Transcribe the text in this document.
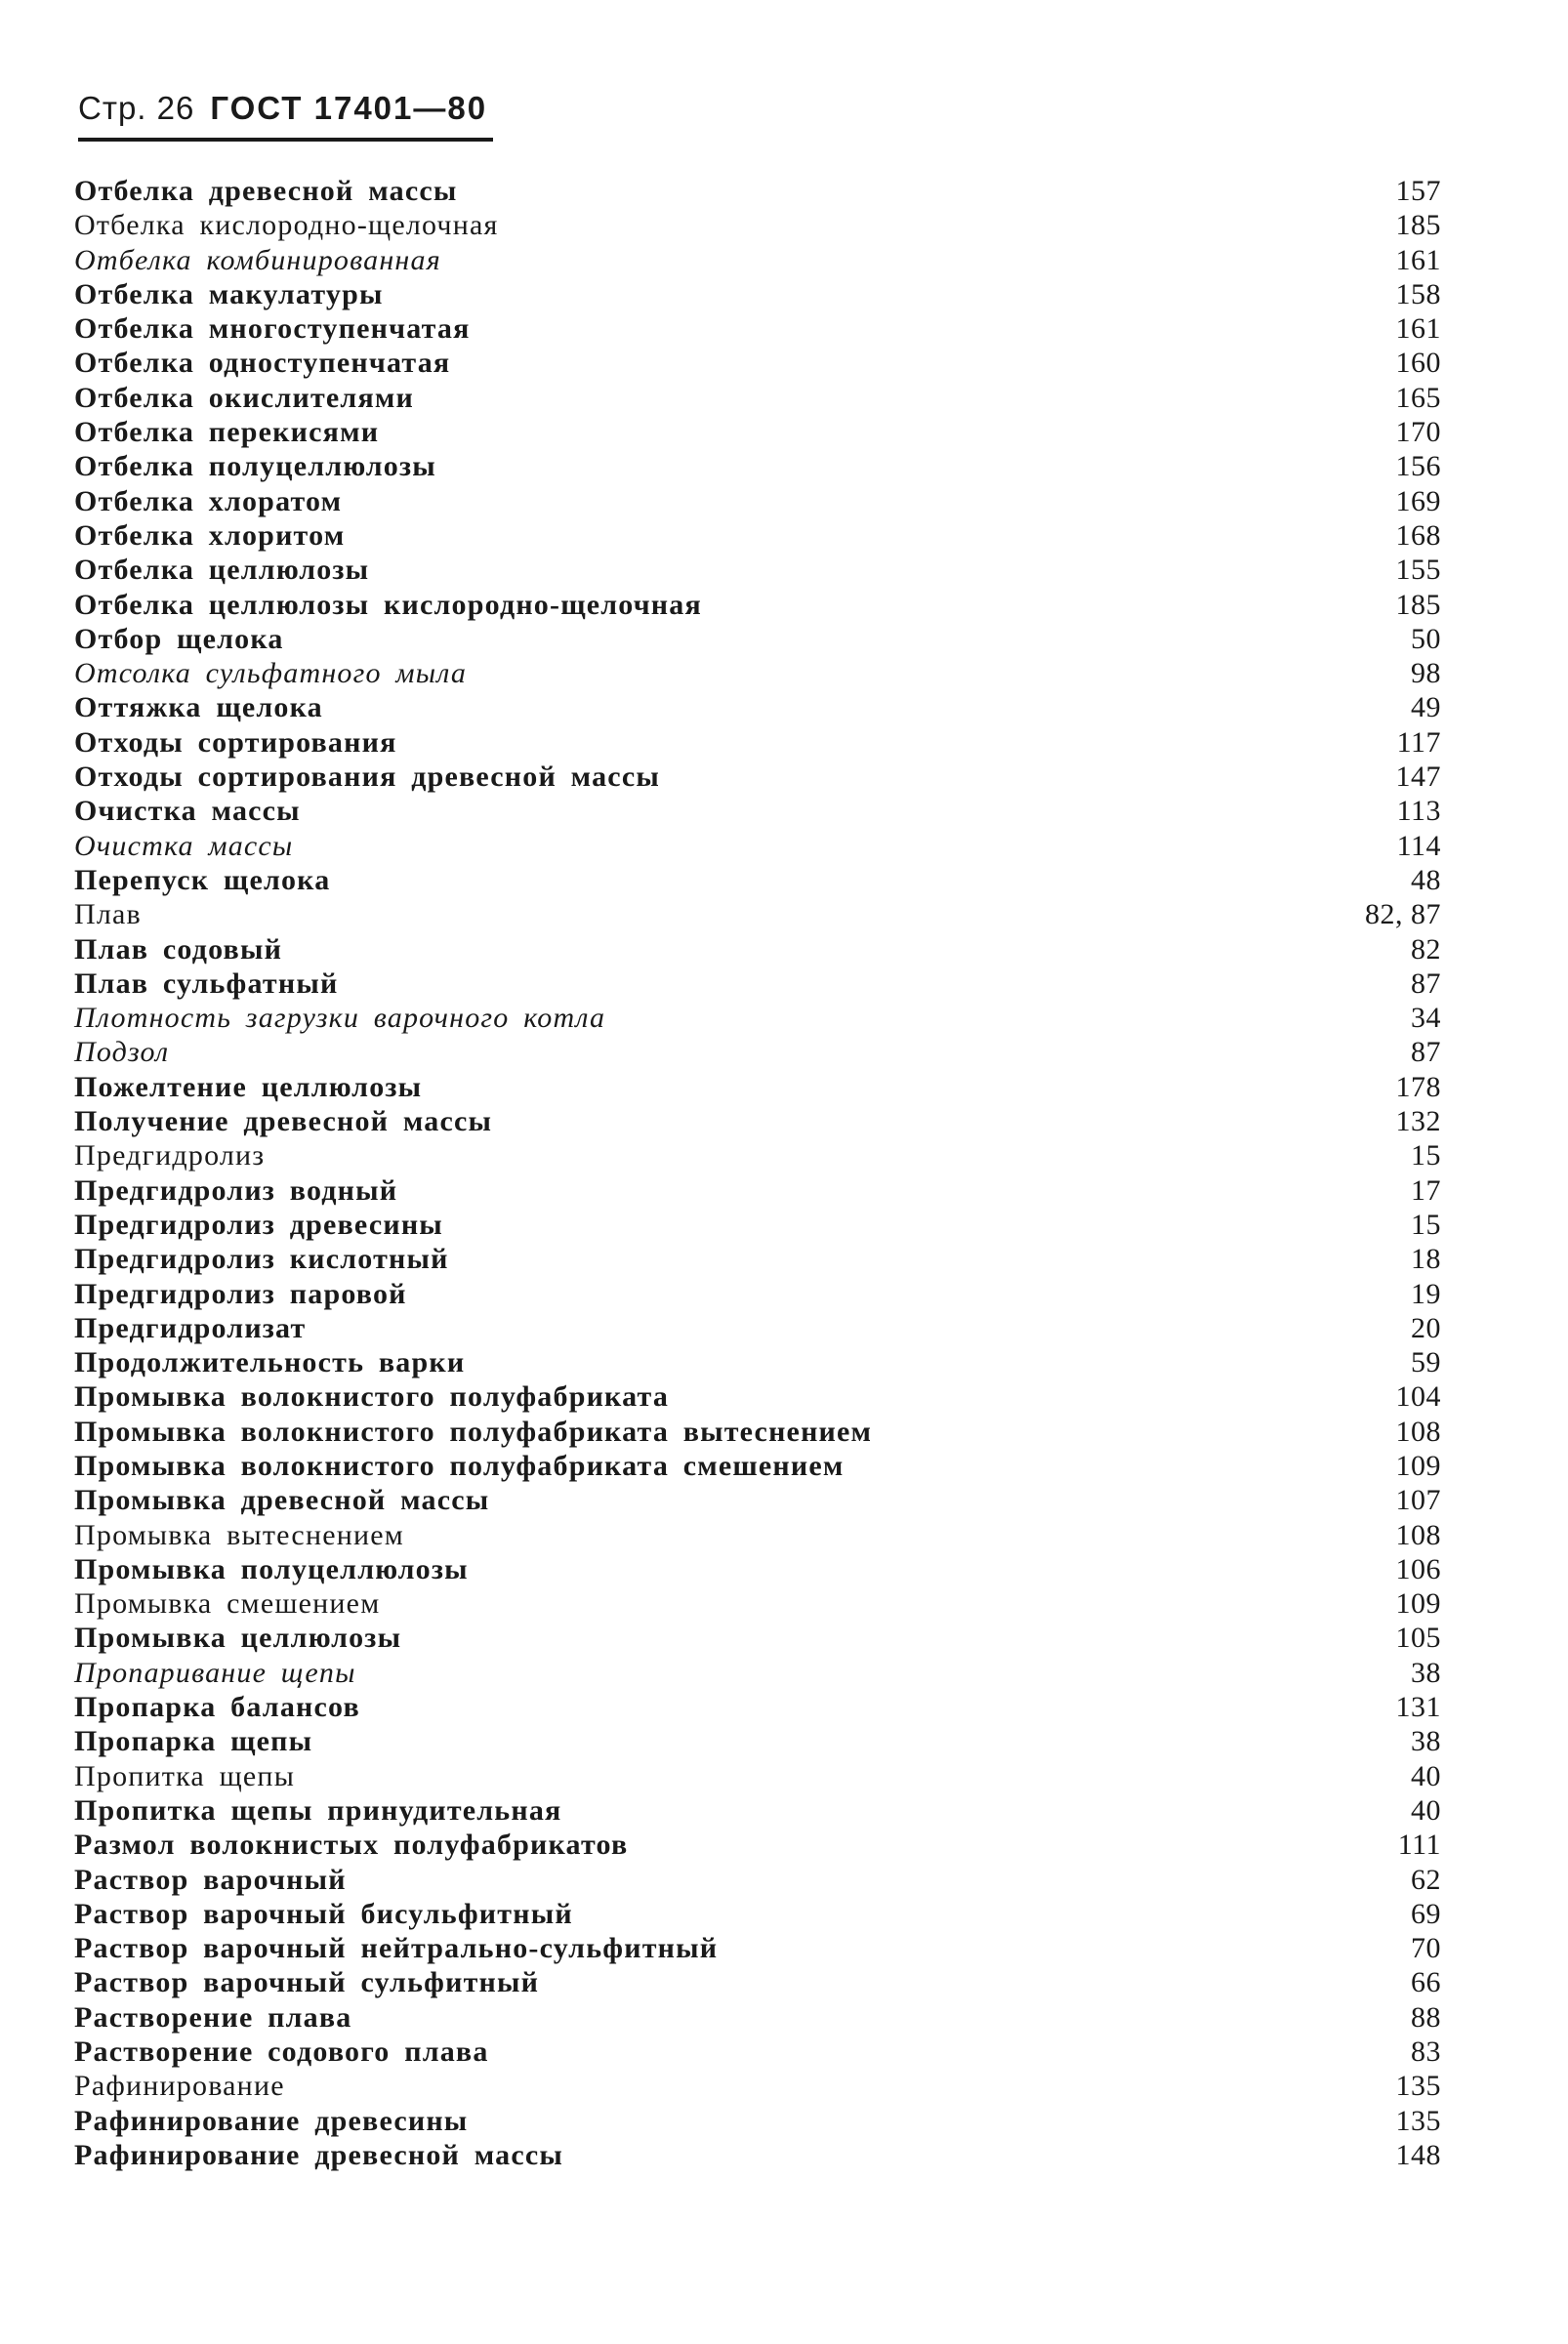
Стр. 26 ГОСТ 17401—80
Отбелка древесной массы	157
Отбелка кислородно-щелочная	185
Отбелка комбинированная	161
Отбелка макулатуры	158
Отбелка многоступенчатая	161
Отбелка одноступенчатая	160
Отбелка окислителями	165
Отбелка перекисями	170
Отбелка полуцеллюлозы	156
Отбелка хлоратом	169
Отбелка хлоритом	168
Отбелка целлюлозы	155
Отбелка целлюлозы кислородно-щелочная	185
Отбор щелока	50
Отсолка сульфатного мыла	98
Оттяжка щелока	49
Отходы сортирования	117
Отходы сортирования древесной массы	147
Очистка массы	113
Очистка массы	114
Перепуск щелока	48
Плав	82, 87
Плав содовый	82
Плав сульфатный	87
Плотность загрузки варочного котла	34
Подзол	87
Пожелтение целлюлозы	178
Получение древесной массы	132
Предгидролиз	15
Предгидролиз водный	17
Предгидролиз древесины	15
Предгидролиз кислотный	18
Предгидролиз паровой	19
Предгидролизат	20
Продолжительность варки	59
Промывка волокнистого полуфабриката	104
Промывка волокнистого полуфабриката вытеснением	108
Промывка волокнистого полуфабриката смешением	109
Промывка древесной массы	107
Промывка вытеснением	108
Промывка полуцеллюлозы	106
Промывка смешением	109
Промывка целлюлозы	105
Пропаривание щепы	38
Пропарка балансов	131
Пропарка щепы	38
Пропитка щепы	40
Пропитка щепы принудительная	40
Размол волокнистых полуфабрикатов	111
Раствор варочный	62
Раствор варочный бисульфитный	69
Раствор варочный нейтрально-сульфитный	70
Раствор варочный сульфитный	66
Растворение плава	88
Растворение содового плава	83
Рафинирование	135
Рафинирование древесины	135
Рафинирование древесной массы	148
